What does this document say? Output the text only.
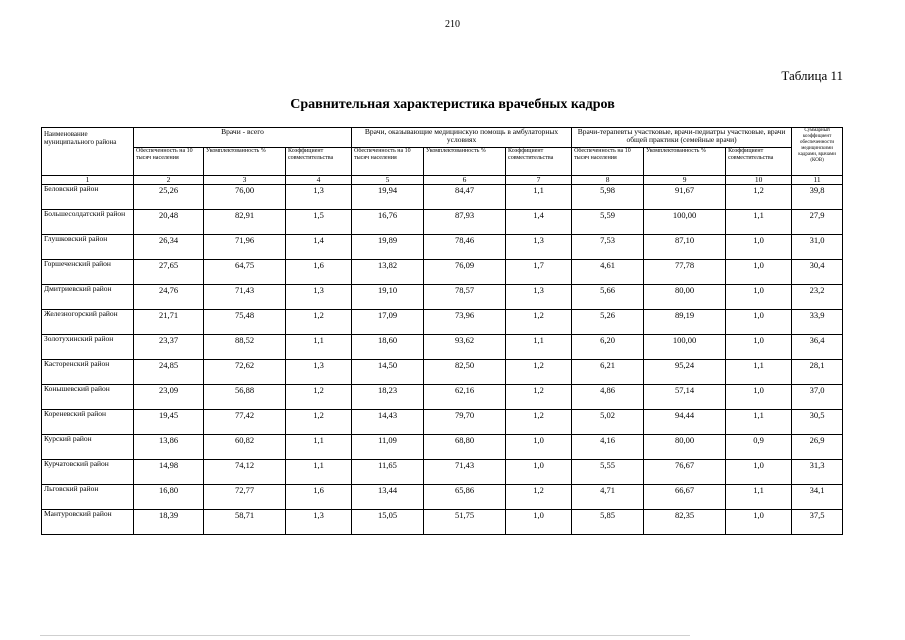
210
Таблица 11
Сравнительная характеристика врачебных кадров
Наименование муниципального района	Врачи - всего			Врачи, оказывающие медицинскую помощь в амбулаторных условиях			Врачи-терапевты участковые, врачи-педиатры участковые, врачи общей практики (семейные врачи)			Суммарный коэффициент обеспеченности медицинскими кадрами, врачами (КОВ)
	Обеспеченность на 10 тысяч населения	Укомплектованность %	Коэффициент совместительства	Обеспеченность на 10 тысяч населения	Укомплектованность %	Коэффициент совместительства	Обеспеченность на 10 тысяч населения	Укомплектованность %	Коэффициент совместительства	
1	2	3	4	5	6	7	8	9	10	11
Беловский район	25,26	76,00	1,3	19,94	84,47	1,1	5,98	91,67	1,2	39,8
Большесолдатский район	20,48	82,91	1,5	16,76	87,93	1,4	5,59	100,00	1,1	27,9
Глушковский район	26,34	71,96	1,4	19,89	78,46	1,3	7,53	87,10	1,0	31,0
Горшеченский район	27,65	64,75	1,6	13,82	76,09	1,7	4,61	77,78	1,0	30,4
Дмитриевский район	24,76	71,43	1,3	19,10	78,57	1,3	5,66	80,00	1,0	23,2
Железногорский район	21,71	75,48	1,2	17,09	73,96	1,2	5,26	89,19	1,0	33,9
Золотухинский район	23,37	88,52	1,1	18,60	93,62	1,1	6,20	100,00	1,0	36,4
Касторенский район	24,85	72,62	1,3	14,50	82,50	1,2	6,21	95,24	1,1	28,1
Конышевский район	23,09	56,88	1,2	18,23	62,16	1,2	4,86	57,14	1,0	37,0
Кореневский район	19,45	77,42	1,2	14,43	79,70	1,2	5,02	94,44	1,1	30,5
Курский район	13,86	60,82	1,1	11,09	68,80	1,0	4,16	80,00	0,9	26,9
Курчатовский район	14,98	74,12	1,1	11,65	71,43	1,0	5,55	76,67	1,0	31,3
Льговский район	16,80	72,77	1,6	13,44	65,86	1,2	4,71	66,67	1,1	34,1
Мантуровский район	18,39	58,71	1,3	15,05	51,75	1,0	5,85	82,35	1,0	37,5
